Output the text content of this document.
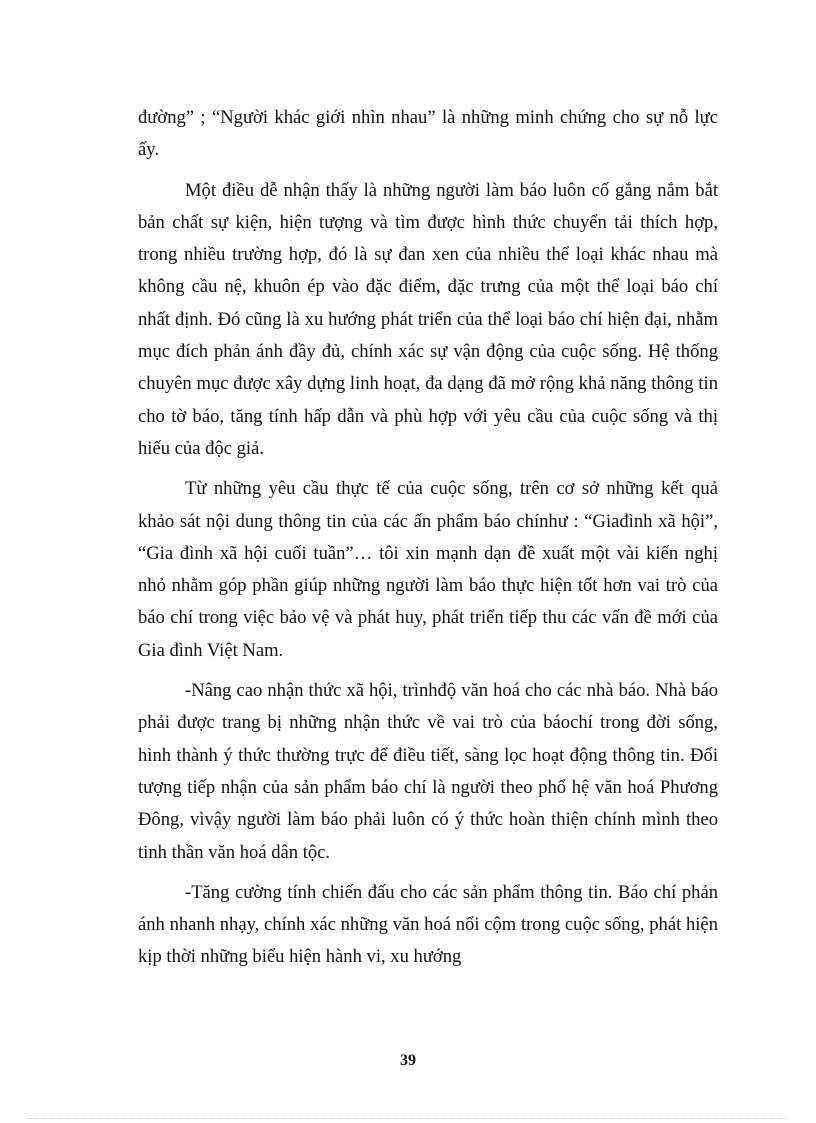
đường” ; “Người khác giới nhìn nhau” là những minh chứng cho sự nỗ lực ấy.

Một điều dễ nhận thấy là những người làm báo luôn cố gắng nắm bắt bản chất sự kiện, hiện tượng và tìm được hình thức chuyển tải thích hợp, trong nhiều trường hợp, đó là sự đan xen của nhiều thể loại khác nhau mà không cầu nệ, khuôn ép vào đặc điểm, đặc trưng của một thể loại báo chí nhất định. Đó cũng là xu hướng phát triển của thể loại báo chí hiện đại, nhằm mục đích phản ánh đầy đủ, chính xác sự vận động của cuộc sống. Hệ thống chuyên mục được xây dựng linh hoạt, đa dạng đã mở rộng khả năng thông tin cho tờ báo, tăng tính hấp dẫn và phù hợp với yêu cầu của cuộc sống và thị hiếu của độc giả.

Từ những yêu cầu thực tế của cuộc sống, trên cơ sở những kết quả khảo sát nội dung thông tin của các ấn phẩm báo chínhư : “Giađình xã hội”, “Gia đình xã hội cuối tuần”… tôi xin mạnh dạn đề xuất một vài kiến nghị nhỏ nhằm góp phần giúp những người làm báo thực hiện tốt hơn vai trò của báo chí trong việc bảo vệ và phát huy, phát triển tiếp thu các vấn đề mới của Gia đình Việt Nam.

-Nâng cao nhận thức xã hội, trìnhđộ văn hoá cho các nhà báo. Nhà báo phải được trang bị những nhận thức về vai trò của báochí trong đời sống, hình thành ý thức thường trực để điều tiết, sàng lọc hoạt động thông tin. Đối tượng tiếp nhận của sản phẩm báo chí là người theo phổ hệ văn hoá Phương Đông, vìvậy người làm báo phải luôn có ý thức hoàn thiện chính mình theo tinh thần văn hoá dân tộc.

-Tăng cường tính chiến đấu cho các sản phẩm thông tin. Báo chí phản ánh nhanh nhạy, chính xác những văn hoá nổi cộm trong cuộc sống, phát hiện kịp thời những biểu hiện hành vi, xu hướng

39
